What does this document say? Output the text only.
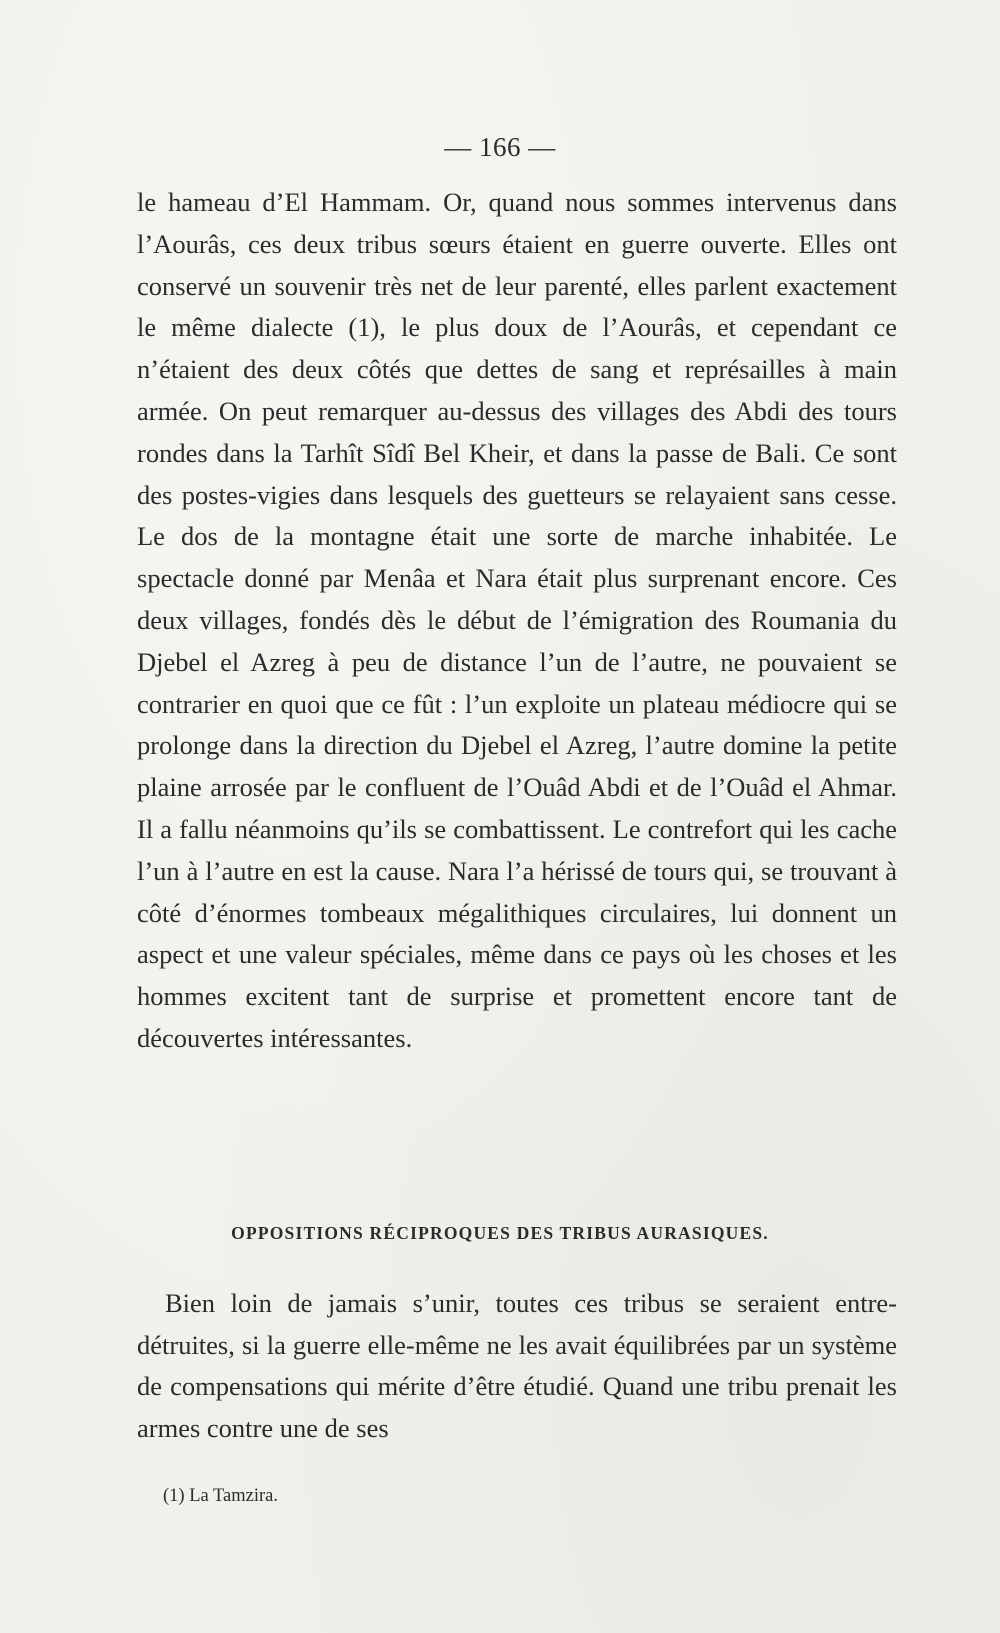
— 166 —

le hameau d’El Hammam. Or, quand nous sommes intervenus dans l’Aourâs, ces deux tribus sœurs étaient en guerre ouverte. Elles ont conservé un souvenir très net de leur parenté, elles parlent exactement le même dialecte (1), le plus doux de l’Aourâs, et cependant ce n’étaient des deux côtés que dettes de sang et représailles à main armée. On peut remarquer au-dessus des villages des Abdi des tours rondes dans la Tarhît Sîdî Bel Kheir, et dans la passe de Bali. Ce sont des postes-vigies dans lesquels des guetteurs se relayaient sans cesse. Le dos de la montagne était une sorte de marche inhabitée. Le spectacle donné par Menâa et Nara était plus surprenant encore. Ces deux villages, fondés dès le début de l’émigration des Roumania du Djebel el Azreg à peu de distance l’un de l’autre, ne pouvaient se contrarier en quoi que ce fût : l’un exploite un plateau médiocre qui se prolonge dans la direction du Djebel el Azreg, l’autre domine la petite plaine arrosée par le confluent de l’Ouâd Abdi et de l’Ouâd el Ahmar. Il a fallu néanmoins qu’ils se combattissent. Le contrefort qui les cache l’un à l’autre en est la cause. Nara l’a hérissé de tours qui, se trouvant à côté d’énormes tombeaux mégalithiques circulaires, lui donnent un aspect et une valeur spéciales, même dans ce pays où les choses et les hommes excitent tant de surprise et promettent encore tant de découvertes intéressantes.

OPPOSITIONS RÉCIPROQUES DES TRIBUS AURASIQUES.

Bien loin de jamais s’unir, toutes ces tribus se seraient entre-détruites, si la guerre elle-même ne les avait équilibrées par un système de compensations qui mérite d’être étudié. Quand une tribu prenait les armes contre une de ses

(1) La Tamzira.
